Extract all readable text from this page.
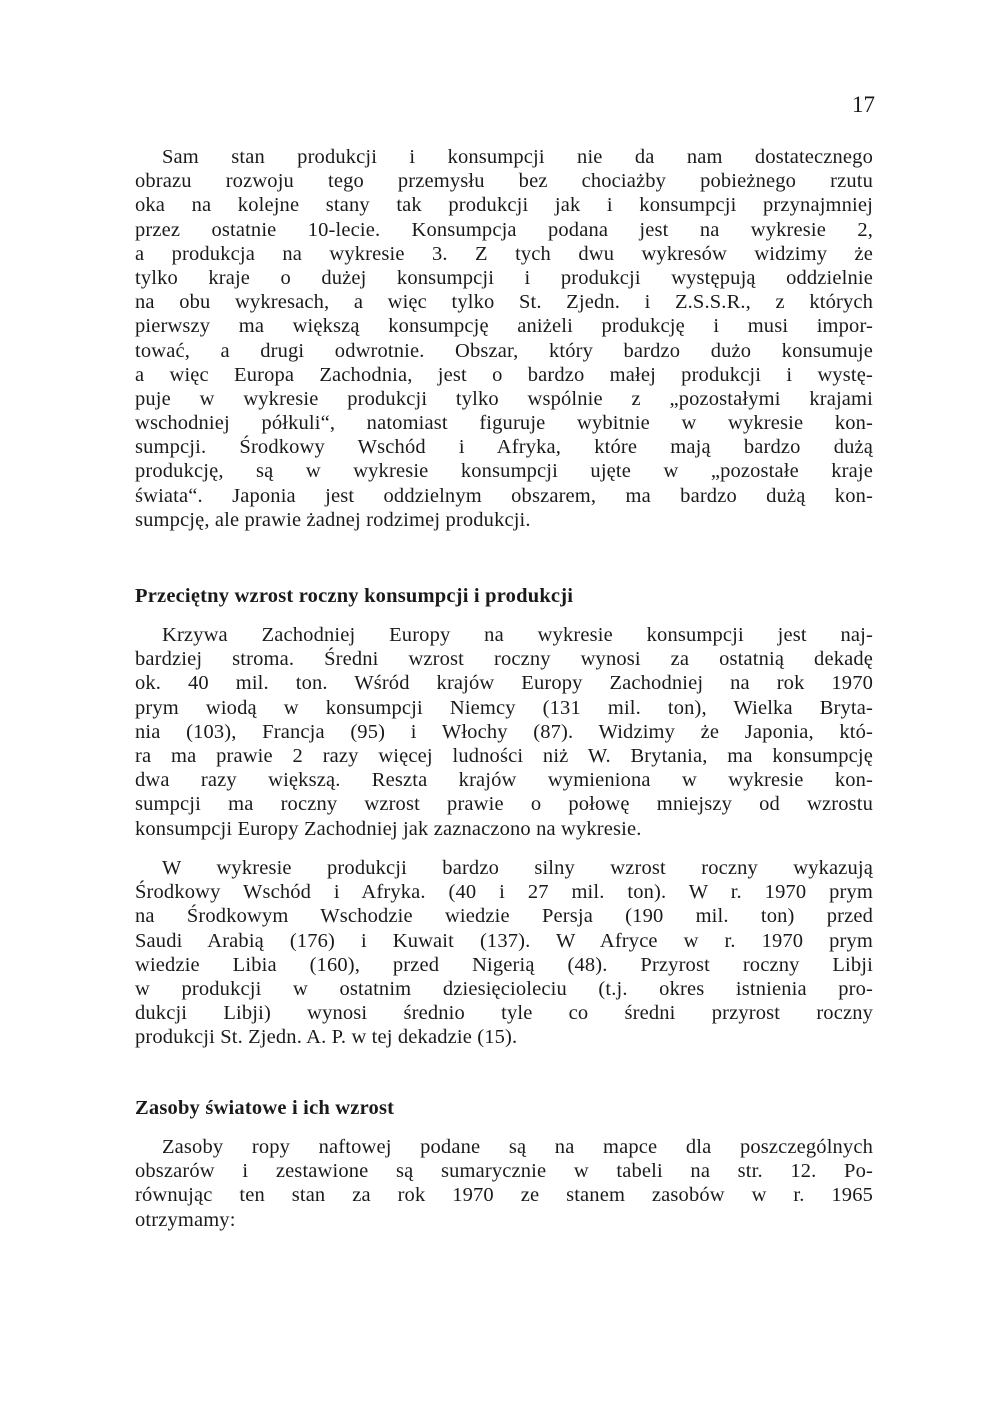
17
Sam stan produkcji i konsumpcji nie da nam dostatecznego
obrazu rozwoju tego przemysłu bez chociażby pobieżnego rzutu
oka na kolejne stany tak produkcji jak i konsumpcji przynajmniej
przez ostatnie 10-lecie. Konsumpcja podana jest na wykresie 2,
a produkcja na wykresie 3. Z tych dwu wykresów widzimy że
tylko kraje o dużej konsumpcji i produkcji występują oddzielnie
na obu wykresach, a więc tylko St. Zjedn. i Z.S.S.R., z których
pierwszy ma większą konsumpcję aniżeli produkcję i musi impor-
tować, a drugi odwrotnie. Obszar, który bardzo dużo konsumuje
a więc Europa Zachodnia, jest o bardzo małej produkcji i wystę-
puje w wykresie produkcji tylko wspólnie z „pozostałymi krajami
wschodniej półkuli“, natomiast figuruje wybitnie w wykresie kon-
sumpcji. Środkowy Wschód i Afryka, które mają bardzo dużą
produkcję, są w wykresie konsumpcji ujęte w „pozostałe kraje
świata“. Japonia jest oddzielnym obszarem, ma bardzo dużą kon-
sumpcję, ale prawie żadnej rodzimej produkcji.
Przeciętny wzrost roczny konsumpcji i produkcji
Krzywa Zachodniej Europy na wykresie konsumpcji jest naj-
bardziej stroma. Średni wzrost roczny wynosi za ostatnią dekadę
ok. 40 mil. ton. Wśród krajów Europy Zachodniej na rok 1970
prym wiodą w konsumpcji Niemcy (131 mil. ton), Wielka Bryta-
nia (103), Francja (95) i Włochy (87). Widzimy że Japonia, któ-
ra ma prawie 2 razy więcej ludności niż W. Brytania, ma konsumpcję
dwa razy większą. Reszta krajów wymieniona w wykresie kon-
sumpcji ma roczny wzrost prawie o połowę mniejszy od wzrostu
konsumpcji Europy Zachodniej jak zaznaczono na wykresie.
W wykresie produkcji bardzo silny wzrost roczny wykazują
Środkowy Wschód i Afryka. (40 i 27 mil. ton). W r. 1970 prym
na Środkowym Wschodzie wiedzie Persja (190 mil. ton) przed
Saudi Arabią (176) i Kuwait (137). W Afryce w r. 1970 prym
wiedzie Libia (160), przed Nigerią (48). Przyrost roczny Libji
w produkcji w ostatnim dziesięcioleciu (t.j. okres istnienia pro-
dukcji Libji) wynosi średnio tyle co średni przyrost roczny
produkcji St. Zjedn. A. P. w tej dekadzie (15).
Zasoby światowe i ich wzrost
Zasoby ropy naftowej podane są na mapce dla poszczególnych
obszarów i zestawione są sumarycznie w tabeli na str. 12. Po-
równując ten stan za rok 1970 ze stanem zasobów w r. 1965
otrzymamy:
